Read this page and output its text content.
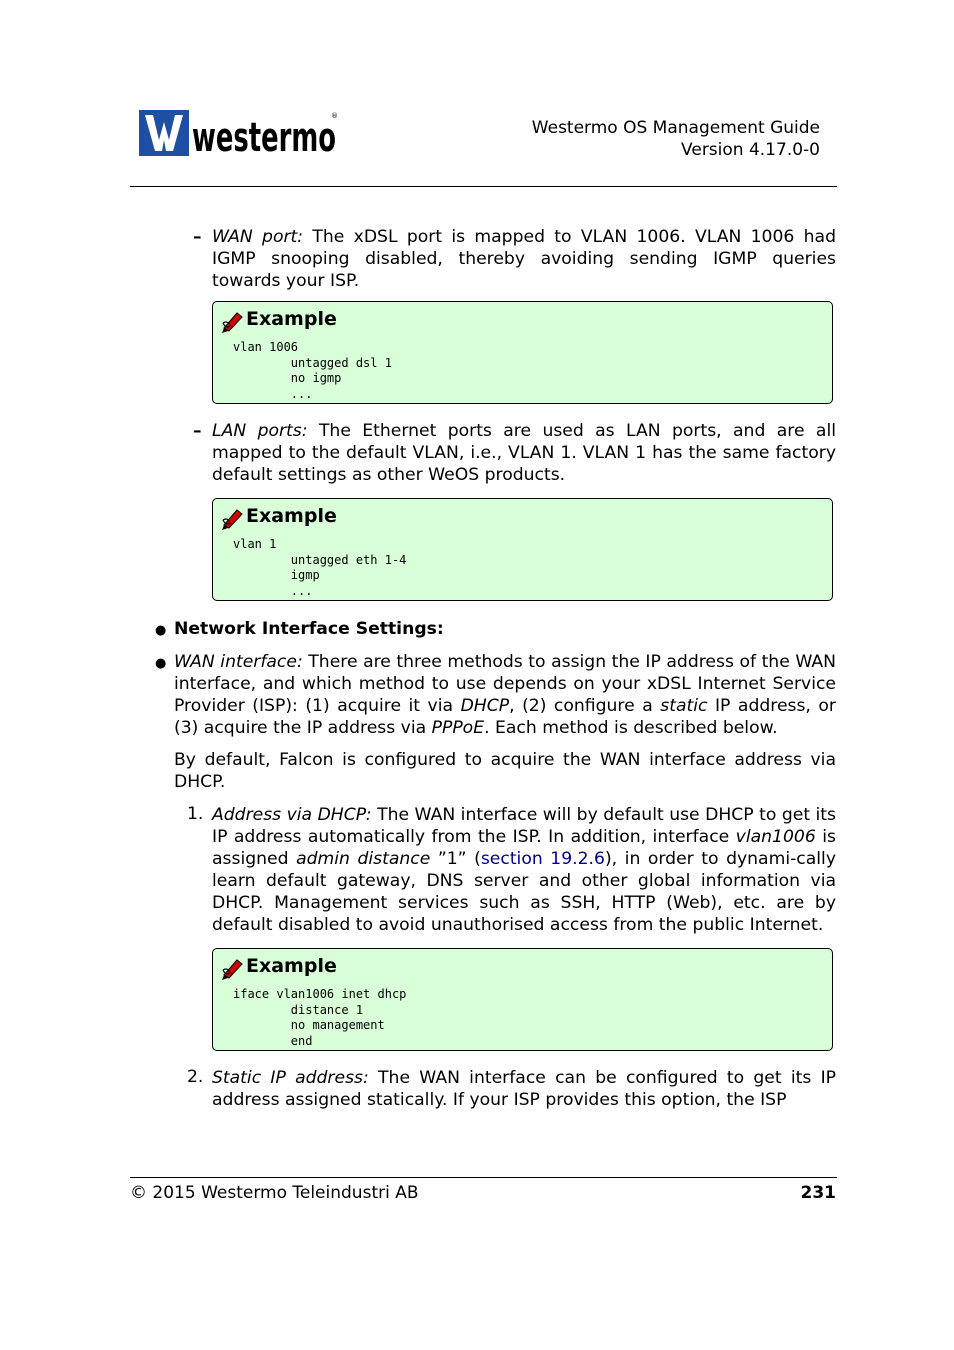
westermo
®
Westermo OS Management Guide
Version 4.17.0-0
– WAN port: The xDSL port is mapped to VLAN 1006. VLAN 1006 had IGMP snooping disabled, thereby avoiding sending IGMP queries towards your ISP.
Example
vlan 1006
untagged dsl 1
no igmp
...
– LAN ports: The Ethernet ports are used as LAN ports, and are all mapped to the default VLAN, i.e., VLAN 1. VLAN 1 has the same factory default settings as other WeOS products.
Example
vlan 1
untagged eth 1-4
igmp
...
● Network Interface Settings:
● WAN interface: There are three methods to assign the IP address of the WAN interface, and which method to use depends on your xDSL Internet Service Provider (ISP): (1) acquire it via DHCP, (2) configure a static IP address, or (3) acquire the IP address via PPPoE. Each method is described below.
By default, Falcon is configured to acquire the WAN interface address via DHCP.
1. Address via DHCP: The WAN interface will by default use DHCP to get its IP address automatically from the ISP. In addition, interface vlan1006 is assigned admin distance ”1” (section 19.2.6), in order to dynami-cally learn default gateway, DNS server and other global information via DHCP. Management services such as SSH, HTTP (Web), etc. are by default disabled to avoid unauthorised access from the public Internet.
Example
iface vlan1006 inet dhcp
distance 1
no management
end
2. Static IP address: The WAN interface can be configured to get its IP address assigned statically. If your ISP provides this option, the ISP
© 2015 Westermo Teleindustri AB	231
